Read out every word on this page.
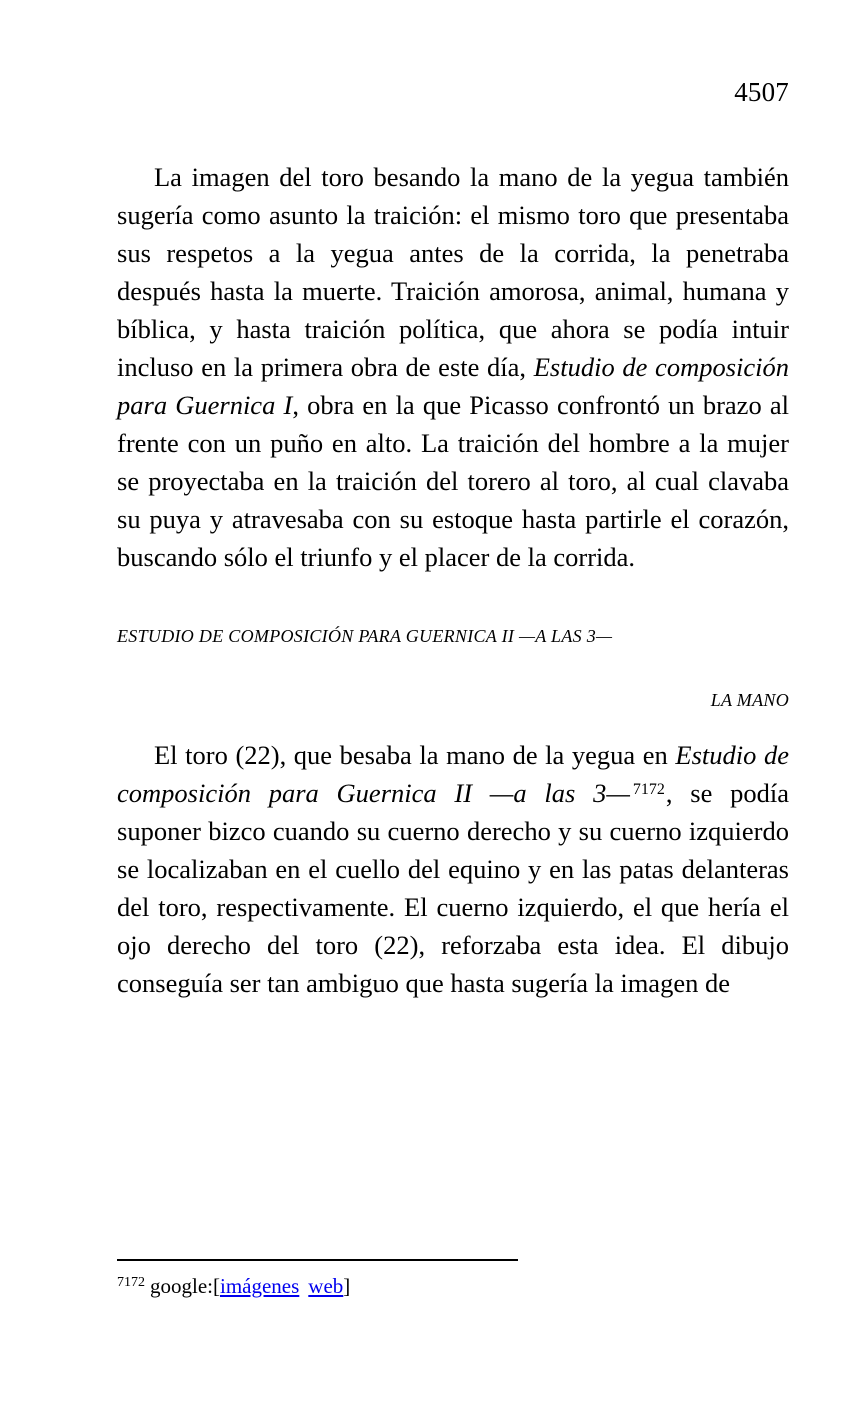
4507

La imagen del toro besando la mano de la yegua también sugería como asunto la traición: el mismo toro que presentaba sus respetos a la yegua antes de la corrida, la penetraba después hasta la muerte. Traición amorosa, animal, humana y bíblica, y hasta traición política, que ahora se podía intuir incluso en la primera obra de este día, Estudio de composición para Guernica I, obra en la que Picasso confrontó un brazo al frente con un puño en alto. La traición del hombre a la mujer se proyectaba en la traición del torero al toro, al cual clavaba su puya y atravesaba con su estoque hasta partirle el corazón, buscando sólo el triunfo y el placer de la corrida.

ESTUDIO DE COMPOSICIÓN PARA GUERNICA II —A LAS 3—
LA MANO

El toro (22), que besaba la mano de la yegua en Estudio de composición para Guernica II —a las 3— $^{7172}$, se podía suponer bizco cuando su cuerno derecho y su cuerno izquierdo se localizaban en el cuello del equino y en las patas delanteras del toro, respectivamente. El cuerno izquierdo, el que hería el ojo derecho del toro (22), reforzaba esta idea. El dibujo conseguía ser tan ambiguo que hasta sugería la imagen de

$^{7172}$ google:[imágenes web]
